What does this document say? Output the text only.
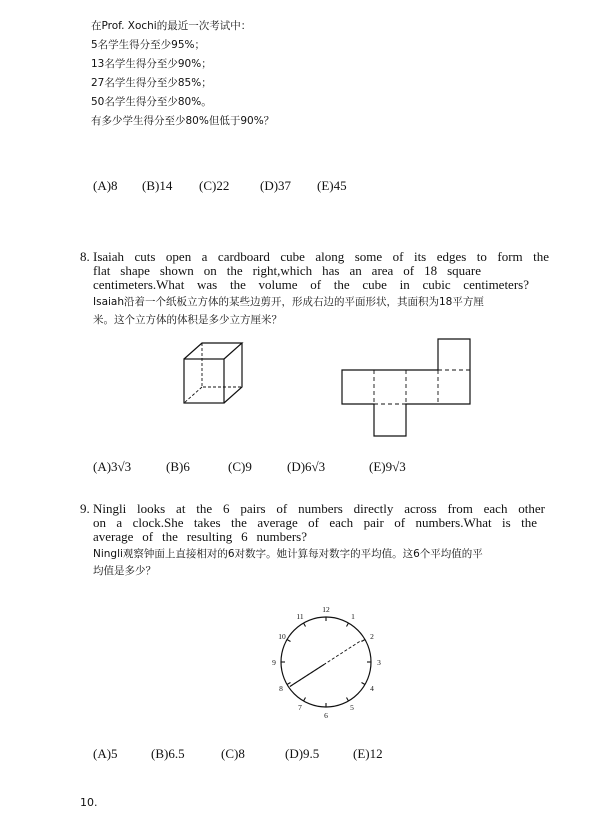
在Prof. Xochi的最近一次考试中：
5名学生得分至少95%；
13名学生得分至少90%；
27名学生得分至少85%；
50名学生得分至少80%。
有多少学生得分至少80%但低于90%？
(A)8 (B)14 (C)22 (D)37 (E)45
8. Isaiah cuts open a cardboard cube along some of its edges to form the
flat shape shown on the right,which has an area of 18 square
centimeters.What was the volume of the cube in cubic centimeters?
Isaiah沿着一个纸板立方体的某些边剪开，形成右边的平面形状，其面积为18平方厘
米。这个立方体的体积是多少立方厘米？
(A)3√3	(B)6	(C)9	(D)6√3	(E)9√3
9. Ningli looks at the 6 pairs of numbers directly across from each other
on a clock.She takes the average of each pair of numbers.What is the
average of the resulting 6 numbers?
Ningli观察钟面上直接相对的6对数字。她计算每对数字的平均值。这6个平均值的平
均值是多少？
12
1
2
3
4
5
6
7
8
9
10
11
(A)5	(B)6.5	(C)8	(D)9.5	(E)12
10.
